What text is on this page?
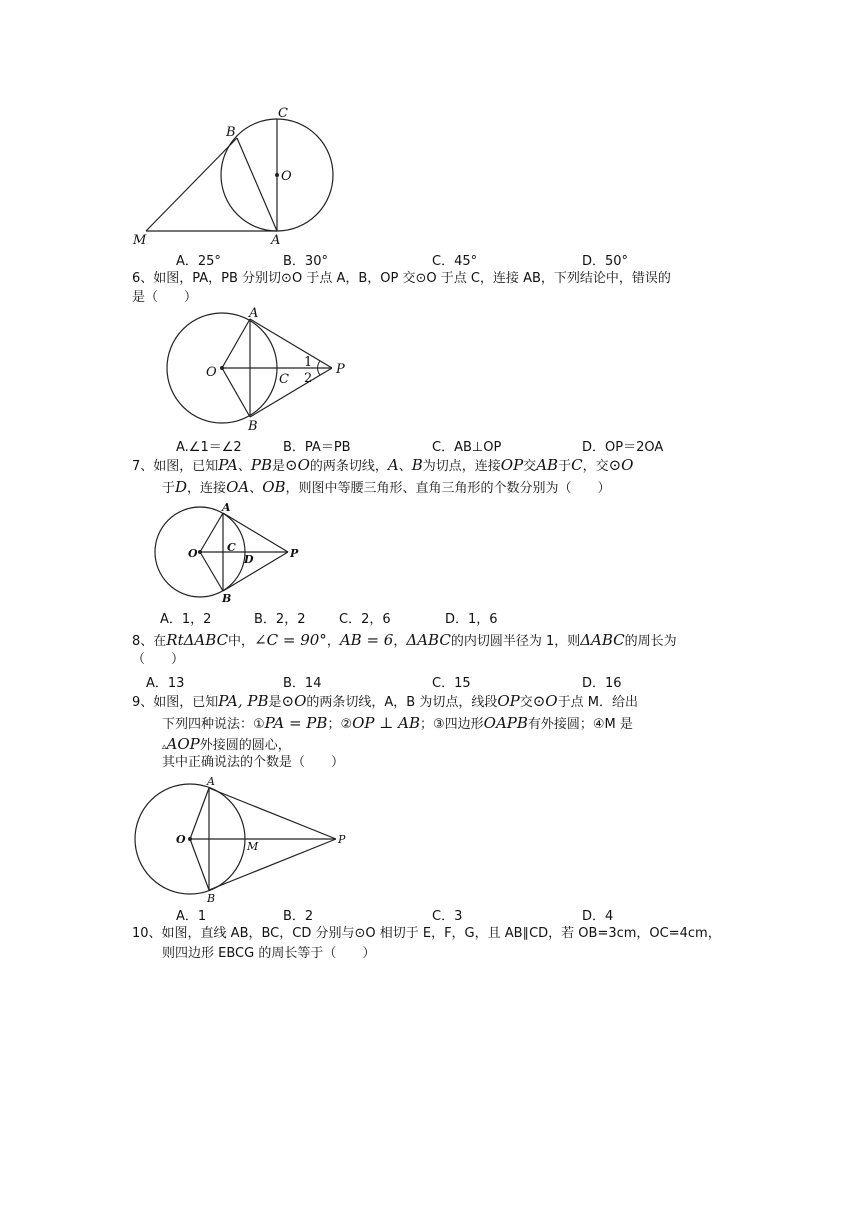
C
B
O
M	A
A．25°	B．30°	C．45°	D．50°
6、如图，PA，PB 分别切⊙O 于点 A，B，OP 交⊙O 于点 C，连接 AB，下列结论中，错误的
是（　　）
A
O	C
1
2
P
B
A.∠1＝∠2	B．PA＝PB	C．AB⊥OP	D．OP＝2OA
7、如图，已知PA、PB是⊙O的两条切线，A、B为切点，连接OP交AB于C，交⊙O
于D，连接OA、OB，则图中等腰三角形、直角三角形的个数分别为（　　）
A
O	C
D	P
B
A．1，2	B．2，2	C．2，6	D．1，6
8、在RtΔABC中，∠C = 90°，AB = 6，ΔABC的内切圆半径为 1，则ΔABC的周长为
（　　）
A．13	B．14	C．15	D．16
9、如图，已知PA, PB是⊙O的两条切线，A，B 为切点，线段OP交⊙O于点 M．给出
下列四种说法：①PA = PB；②OP ⊥ AB；③四边形OAPB有外接圆；④M 是
▵AOP外接圆的圆心，
其中正确说法的个数是（　　）
A
O
M
P
B
A．1	B．2	C．3	D．4
10、如图，直线 AB，BC，CD 分别与⊙O 相切于 E，F，G，且 AB∥CD，若 OB=3cm，OC=4cm，
则四边形 EBCG 的周长等于（　　）
